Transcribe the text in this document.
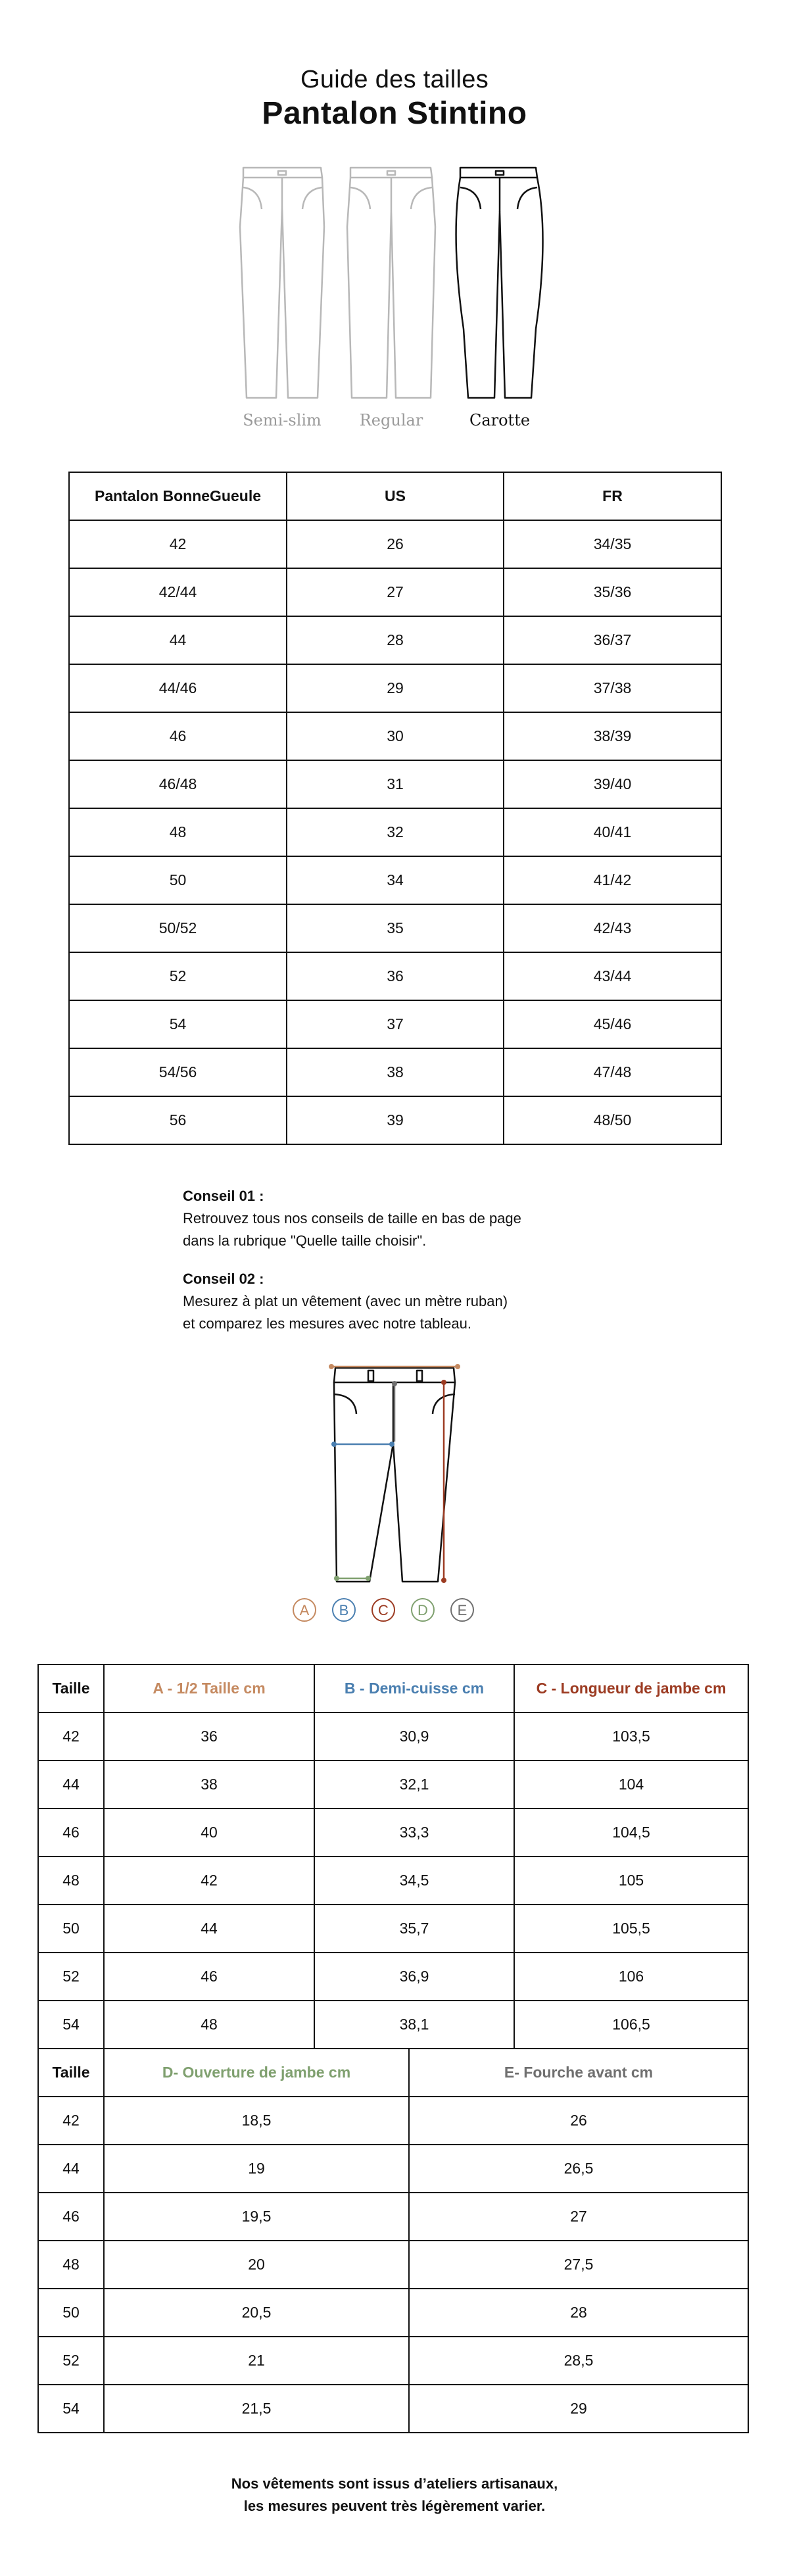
Guide des tailles
Pantalon Stintino
Semi-slim	Regular	Carotte
Pantalon BonneGueule	US	FR
42	26	34/35
42/44	27	35/36
44	28	36/37
44/46	29	37/38
46	30	38/39
46/48	31	39/40
48	32	40/41
50	34	41/42
50/52	35	42/43
52	36	43/44
54	37	45/46
54/56	38	47/48
56	39	48/50

Conseil 01 :
Retrouvez tous nos conseils de taille en bas de page
dans la rubrique "Quelle taille choisir".

Conseil 02 :
Mesurez à plat un vêtement (avec un mètre ruban)
et comparez les mesures avec notre tableau.

A B C D E
Taille	A - 1/2 Taille cm	B - Demi-cuisse cm		C - Longueur de jambe cm
42	36	30,9		103,5
44	38	32,1		104
46	40	33,3		104,5
48	42	34,5		105
50	44	35,7		105,5
52	46	36,9		106
54	48	38,1		106,5
Taille	D- Ouverture de jambe cm		E- Fourche avant cm	
42	18,5		26	
44	19		26,5	
46	19,5		27	
48	20		27,5	
50	20,5		28	
52	21		28,5	
54	21,5		29	
Nos vêtements sont issus d’ateliers artisanaux,
les mesures peuvent très légèrement varier.
